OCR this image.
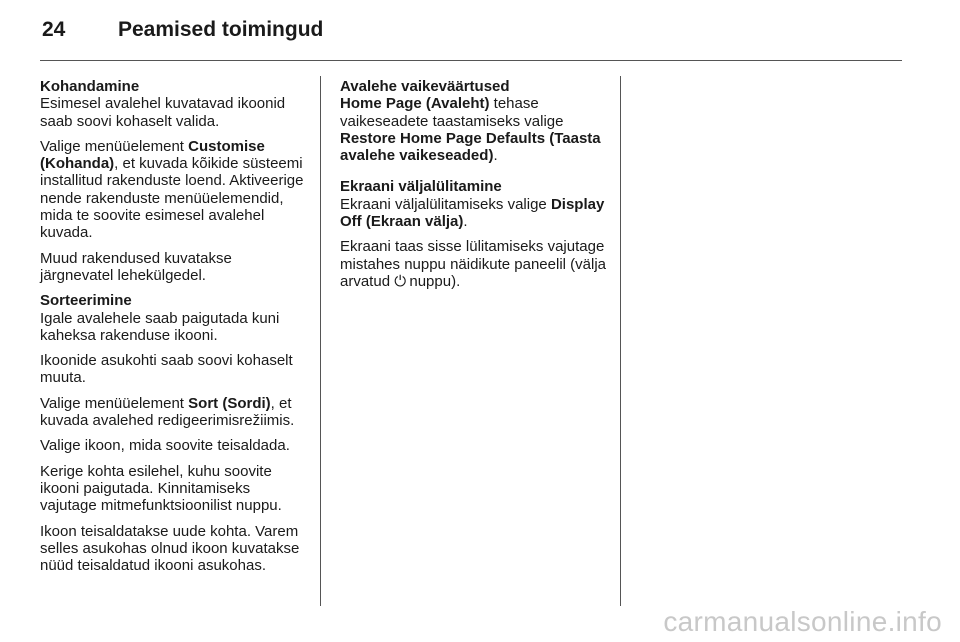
24	Peamised toimingud
Kohandamine

Esimesel avalehel kuvatavad ikoonid saab soovi kohaselt valida.

Valige menüüelement Customise (Kohanda), et kuvada kõikide süsteemi installitud rakenduste loend. Aktiveerige nende rakenduste menüüelemendid, mida te soovite esimesel avalehel kuvada.

Muud rakendused kuvatakse järgnevatel lehekülgedel.

Sorteerimine

Igale avalehele saab paigutada kuni kaheksa rakenduse ikooni.

Ikoonide asukohti saab soovi kohaselt muuta.

Valige menüüelement Sort (Sordi), et kuvada avalehed redigeerimisrežiimis.

Valige ikoon, mida soovite teisaldada.

Kerige kohta esilehel, kuhu soovite ikooni paigutada. Kinnitamiseks vajutage mitmefunktsioonilist nuppu.

Ikoon teisaldatakse uude kohta. Varem selles asukohas olnud ikoon kuvatakse nüüd teisaldatud ikooni asukohas.

Avalehe vaikeväärtused

Home Page (Avaleht) tehase vaikeseadete taastamiseks valige Restore Home Page Defaults (Taasta avalehe vaikeseaded).

Ekraani väljalülitamine

Ekraani väljalülitamiseks valige Display Off (Ekraan välja).

Ekraani taas sisse lülitamiseks vajutage mistahes nuppu näidikute paneelil (välja arvatud ⏻ nuppu).

carmanualsonline.info
